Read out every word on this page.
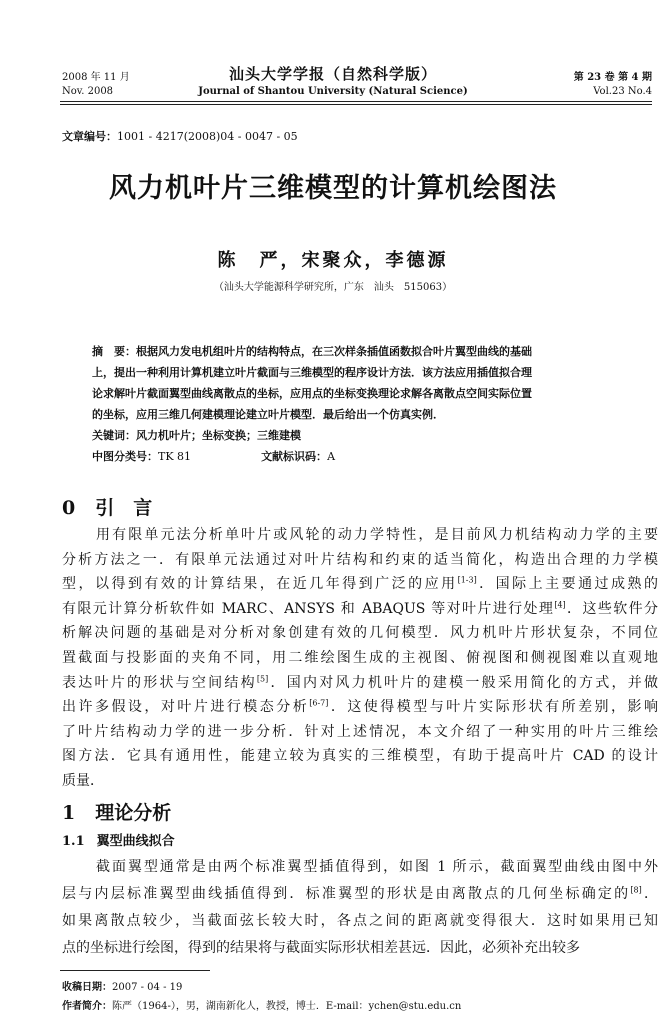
2008 年 11 月
Nov. 2008
汕头大学学报（自然科学版）
Journal of Shantou University (Natural Science)
第 23 卷 第 4 期
Vol.23 No.4
文章编号：1001 - 4217(2008)04 - 0047 - 05
风力机叶片三维模型的计算机绘图法
陈　严，宋聚众，李德源
（汕头大学能源科学研究所，广东　汕头　515063）
摘　要：根据风力发电机组叶片的结构特点，在三次样条插值函数拟合叶片翼型曲线的基础
上，提出一种利用计算机建立叶片截面与三维模型的程序设计方法．该方法应用插值拟合理
论求解叶片截面翼型曲线离散点的坐标，应用点的坐标变换理论求解各离散点空间实际位置
的坐标，应用三维几何建模理论建立叶片模型．最后给出一个仿真实例．
关键词：风力机叶片；坐标变换；三维建模
中图分类号：TK 81	文献标识码：A
0 引　言
用有限单元法分析单叶片或风轮的动力学特性，是目前风力机结构动力学的主要
分析方法之一．有限单元法通过对叶片结构和约束的适当简化，构造出合理的力学模
型，以得到有效的计算结果，在近几年得到广泛的应用[1-3]．国际上主要通过成熟的
有限元计算分析软件如 MARC、ANSYS 和 ABAQUS 等对叶片进行处理[4]．这些软件分
析解决问题的基础是对分析对象创建有效的几何模型．风力机叶片形状复杂，不同位
置截面与投影面的夹角不同，用二维绘图生成的主视图、俯视图和侧视图难以直观地
表达叶片的形状与空间结构[5]．国内对风力机叶片的建模一般采用简化的方式，并做
出许多假设，对叶片进行模态分析[6-7]．这使得模型与叶片实际形状有所差别，影响
了叶片结构动力学的进一步分析．针对上述情况，本文介绍了一种实用的叶片三维绘
图方法．它具有通用性，能建立较为真实的三维模型，有助于提高叶片 CAD 的设计
质量．
1 理论分析
1.1 翼型曲线拟合
截面翼型通常是由两个标准翼型插值得到，如图 1 所示，截面翼型曲线由图中外
层与内层标准翼型曲线插值得到．标准翼型的形状是由离散点的几何坐标确定的[8]．
如果离散点较少，当截面弦长较大时，各点之间的距离就变得很大．这时如果用已知
点的坐标进行绘图，得到的结果将与截面实际形状相差甚远．因此，必须补充出较多
收稿日期：2007 - 04 - 19
作者简介：陈严（1964-），男，湖南新化人，教授，博士．E-mail：ychen@stu.edu.cn
